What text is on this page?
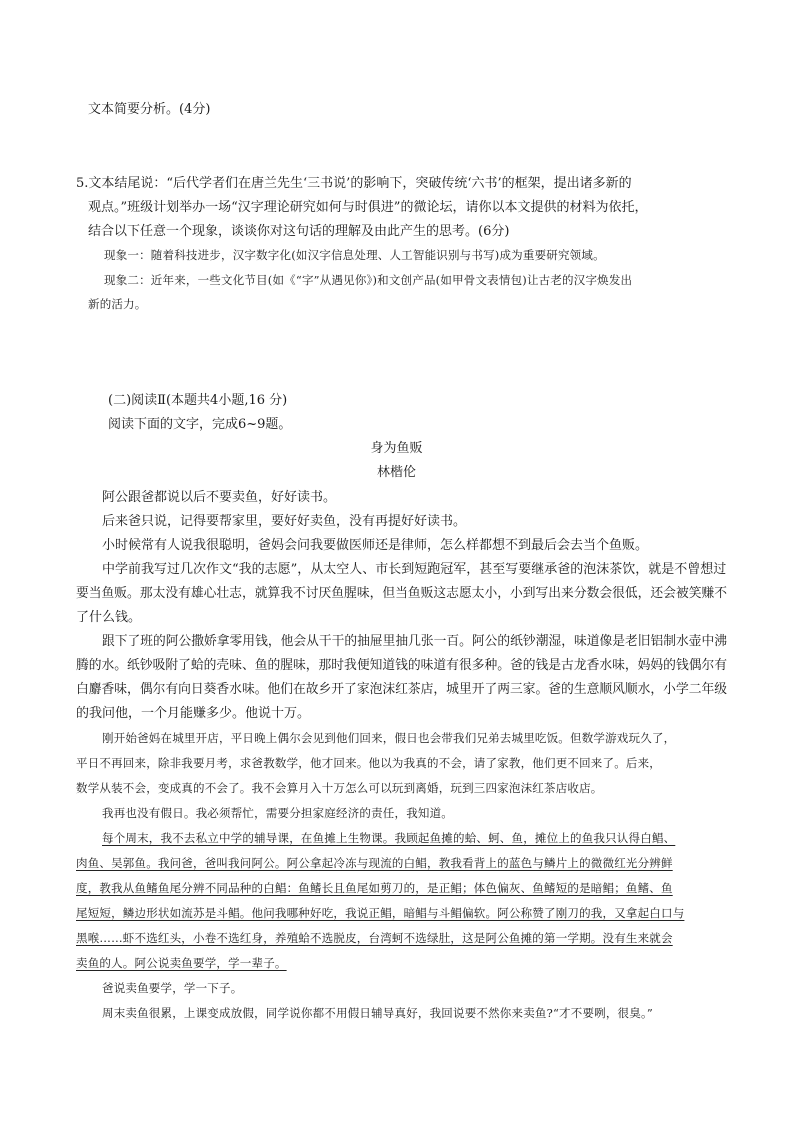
文本简要分析。(4分)
5.文本结尾说：“后代学者们在唐兰先生‘三书说’的影响下，突破传统‘六书’的框架，提出诸多新的
观点。”班级计划举办一场“汉字理论研究如何与时俱进”的微论坛，请你以本文提供的材料为依托，
结合以下任意一个现象，谈谈你对这句话的理解及由此产生的思考。(6分)
现象一：随着科技进步，汉字数字化(如汉字信息处理、人工智能识别与书写)成为重要研究领域。
现象二：近年来，一些文化节目(如《“字”从遇见你》)和文创产品(如甲骨文表情包)让古老的汉字焕发出
新的活力。
(二)阅读Ⅱ(本题共4小题,16 分)
阅读下面的文字，完成6~9题。
身为鱼贩
林楷伦
阿公跟爸都说以后不要卖鱼，好好读书。
后来爸只说，记得要帮家里，要好好卖鱼，没有再提好好读书。
小时候常有人说我很聪明，爸妈会问我要做医师还是律师，怎么样都想不到最后会去当个鱼贩。
中学前我写过几次作文“我的志愿”，从太空人、市长到短跑冠军，甚至写要继承爸的泡沫茶饮，就是不曾想过
要当鱼贩。那太没有雄心壮志，就算我不讨厌鱼腥味，但当鱼贩这志愿太小，小到写出来分数会很低，还会被笑赚不
了什么钱。
跟下了班的阿公撒娇拿零用钱，他会从干干的抽屉里抽几张一百。阿公的纸钞潮湿，味道像是老旧铝制水壶中沸
腾的水。纸钞吸附了蛤的壳味、鱼的腥味，那时我便知道钱的味道有很多种。爸的钱是古龙香水味，妈妈的钱偶尔有
白麝香味，偶尔有向日葵香水味。他们在故乡开了家泡沫红茶店，城里开了两三家。爸的生意顺风顺水，小学二年级
的我问他，一个月能赚多少。他说十万。
刚开始爸妈在城里开店，平日晚上偶尔会见到他们回来，假日也会带我们兄弟去城里吃饭。但数学游戏玩久了，
平日不再回来，除非我要月考，求爸教数学，他才回来。他以为我真的不会，请了家教，他们更不回来了。后来，
数学从装不会，变成真的不会了。我不会算月入十万怎么可以玩到离婚，玩到三四家泡沫红茶店收店。
我再也没有假日。我必须帮忙，需要分担家庭经济的责任，我知道。
每个周末，我不去私立中学的辅导课，在鱼摊上生物课。我顾起鱼摊的蛤、蚵、鱼，摊位上的鱼我只认得白鲳、
肉鱼、吴郭鱼。我问爸，爸叫我问阿公。阿公拿起冷冻与现流的白鲳，教我看背上的蓝色与鳞片上的微微红光分辨鲜
度，教我从鱼鳍鱼尾分辨不同品种的白鲳：鱼鳍长且鱼尾如剪刀的，是正鲳；体色偏灰、鱼鳍短的是暗鲳；鱼鳍、鱼
尾短短，鳞边形状如流苏是斗鲳。他问我哪种好吃，我说正鲳，暗鲳与斗鲳偏软。阿公称赞了刚刀的我，又拿起白口与
黑喉……虾不选红头，小卷不选红身，养殖蛤不选脱皮，台湾蚵不选绿肚，这是阿公鱼摊的第一学期。没有生来就会
卖鱼的人。阿公说卖鱼要学，学一辈子。
爸说卖鱼要学，学一下子。
周末卖鱼很累，上课变成放假，同学说你都不用假日辅导真好，我回说要不然你来卖鱼?“才不要咧，很臭。”
